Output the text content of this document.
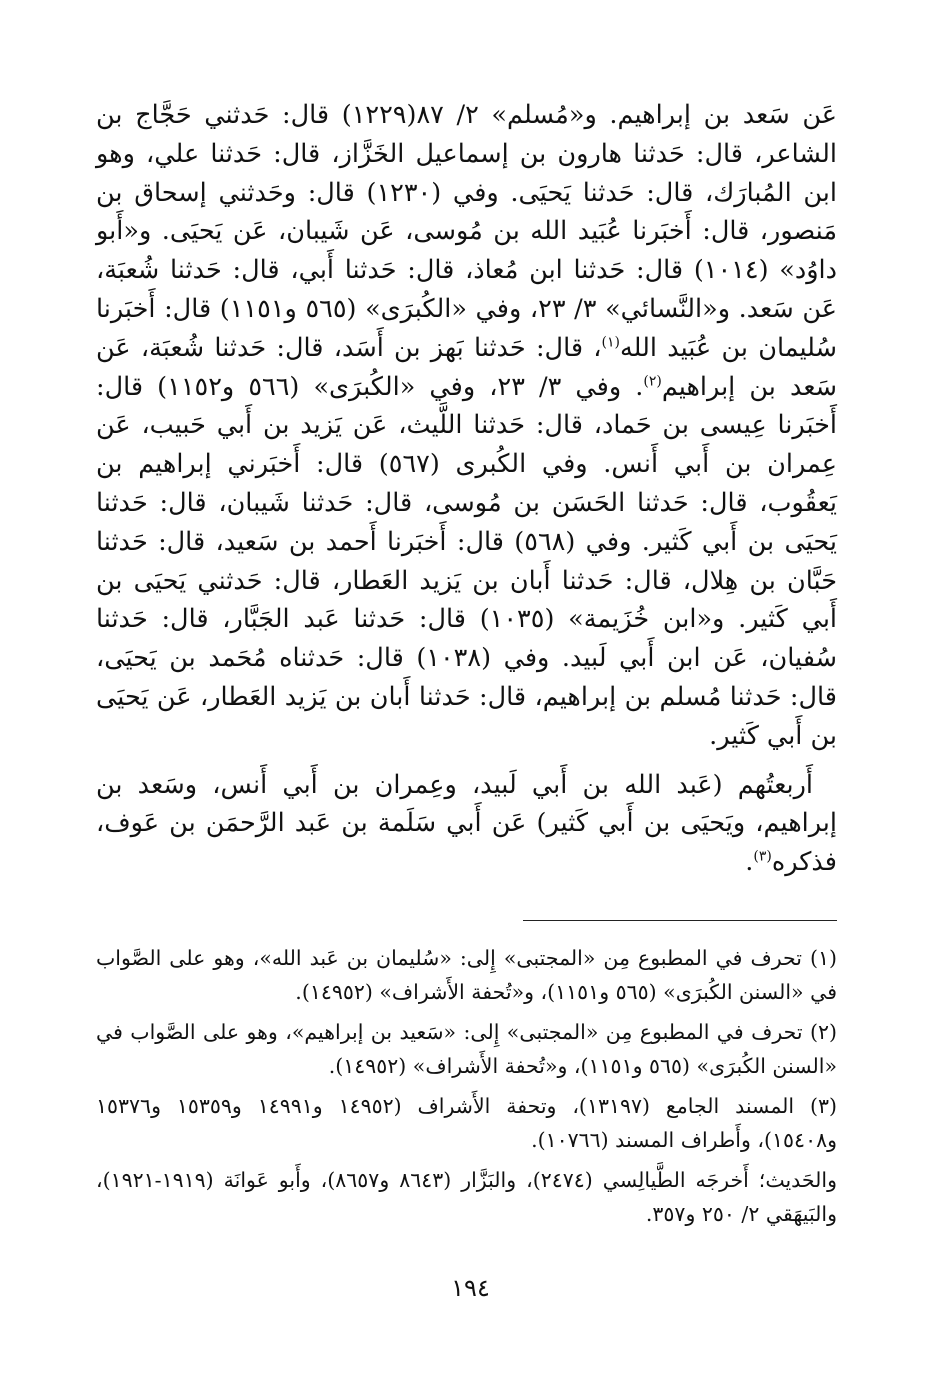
عَن سَعد بن إبراهيم. و«مُسلم» ٢/ ٨٧(١٢٢٩) قال: حَدثني حَجَّاج بن الشاعر، قال: حَدثنا هارون بن إسماعيل الخَزَّاز، قال: حَدثنا علي، وهو ابن المُبارَك، قال: حَدثنا يَحيَى. وفي (١٢٣٠) قال: وحَدثني إسحاق بن مَنصور، قال: أَخبَرنا عُبَيد الله بن مُوسى، عَن شَيبان، عَن يَحيَى. و«أَبو داوُد» (١٠١٤) قال: حَدثنا ابن مُعاذ، قال: حَدثنا أَبي، قال: حَدثنا شُعبَة، عَن سَعد. و«النَّسائي» ٣/ ٢٣، وفي «الكُبرَى» (٥٦٥ و١١٥١) قال: أَخبَرنا سُليمان بن عُبَيد الله$^{(١)}$، قال: حَدثنا بَهز بن أَسَد، قال: حَدثنا شُعبَة، عَن سَعد بن إبراهيم$^{(٢)}$. وفي ٣/ ٢٣، وفي «الكُبرَى» (٥٦٦ و١١٥٢) قال: أَخبَرنا عِيسى بن حَماد، قال: حَدثنا اللَّيث، عَن يَزيد بن أَبي حَبيب، عَن عِمران بن أَبي أَنس. وفي الكُبرى (٥٦٧) قال: أَخبَرني إبراهيم بن يَعقُوب، قال: حَدثنا الحَسَن بن مُوسى، قال: حَدثنا شَيبان، قال: حَدثنا يَحيَى بن أَبي كَثير. وفي (٥٦٨) قال: أَخبَرنا أَحمد بن سَعيد، قال: حَدثنا حَبَّان بن هِلال، قال: حَدثنا أَبان بن يَزيد العَطار، قال: حَدثني يَحيَى بن أَبي كَثير. و«ابن خُزَيمة» (١٠٣٥) قال: حَدثنا عَبد الجَبَّار، قال: حَدثنا سُفيان، عَن ابن أَبي لَبيد. وفي (١٠٣٨) قال: حَدثناه مُحَمد بن يَحيَى، قال: حَدثنا مُسلم بن إبراهيم، قال: حَدثنا أَبان بن يَزيد العَطار، عَن يَحيَى بن أَبي كَثير.

أَربعتُهم (عَبد الله بن أَبي لَبيد، وعِمران بن أَبي أَنس، وسَعد بن إبراهيم، ويَحيَى بن أَبي كَثير) عَن أَبي سَلَمة بن عَبد الرَّحمَن بن عَوف، فذكره$^{(٣)}$.

(١) تحرف في المطبوع مِن «المجتبى» إِلى: «سُليمان بن عَبد الله»، وهو على الصَّواب في «السنن الكُبرَى» (٥٦٥ و١١٥١)، و«تُحفة الأَشراف» (١٤٩٥٢).

(٢) تحرف في المطبوع مِن «المجتبى» إِلى: «سَعيد بن إبراهيم»، وهو على الصَّواب في «السنن الكُبرَى» (٥٦٥ و١١٥١)، و«تُحفة الأَشراف» (١٤٩٥٢).

(٣) المسند الجامع (١٣١٩٧)، وتحفة الأَشراف (١٤٩٥٢ و١٤٩٩١ و١٥٣٥٩ و١٥٣٧٦ و١٥٤٠٨)، وأَطراف المسند (١٠٧٦٦).

والحَديث؛ أَخرجَه الطَّيالِسي (٢٤٧٤)، والبَزَّار (٨٦٤٣ و٨٦٥٧)، وأَبو عَوانَة (١٩١٩-١٩٢١)، والبَيهَقي ٢/ ٢٥٠ و٣٥٧.

١٩٤
